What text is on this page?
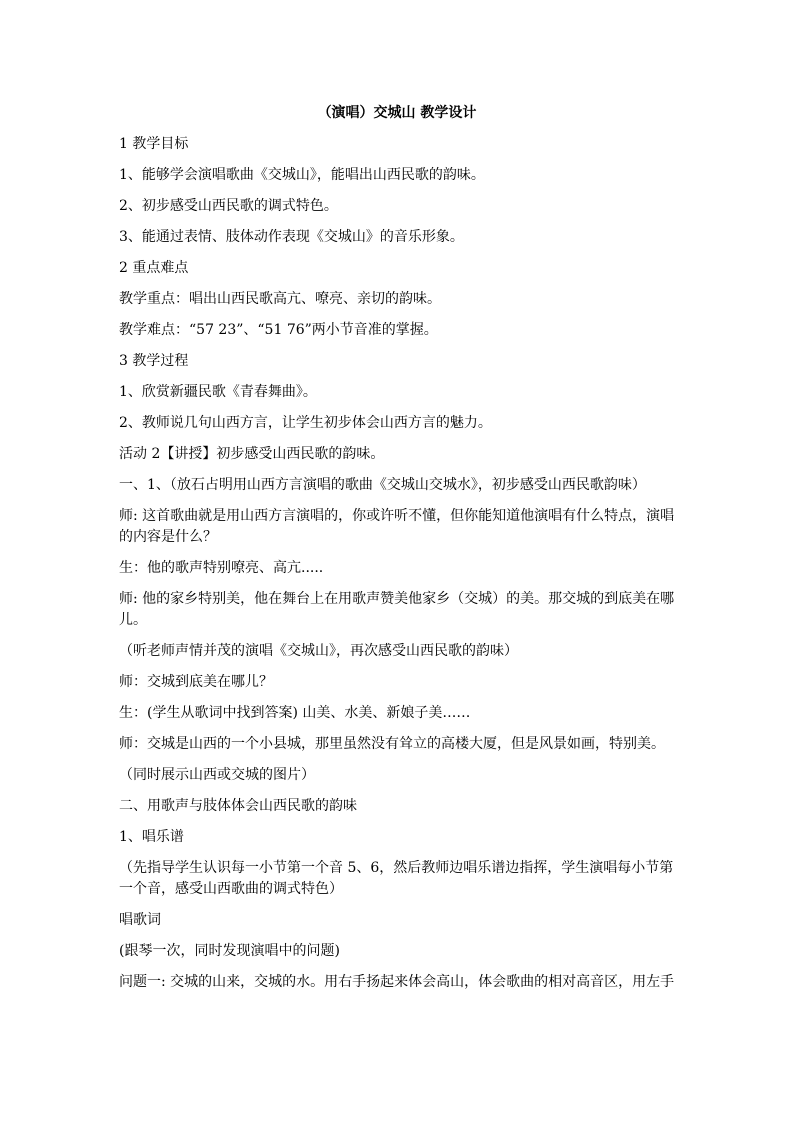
（演唱）交城山 教学设计
1 教学目标
1、能够学会演唱歌曲《交城山》，能唱出山西民歌的韵味。
2、初步感受山西民歌的调式特色。
3、能通过表情、肢体动作表现《交城山》的音乐形象。
2 重点难点
教学重点：唱出山西民歌高亢、嘹亮、亲切的韵味。
教学难点：“57 23”、“51 76”两小节音准的掌握。
3 教学过程
1、欣赏新疆民歌《青春舞曲》。
2、教师说几句山西方言，让学生初步体会山西方言的魅力。
活动 2【讲授】初步感受山西民歌的韵味。
一、1、（放石占明用山西方言演唱的歌曲《交城山交城水》，初步感受山西民歌韵味）
师: 这首歌曲就是用山西方言演唱的，你或许听不懂，但你能知道他演唱有什么特点，演唱的内容是什么？
生：他的歌声特别嘹亮、高亢.....
师: 他的家乡特别美，他在舞台上在用歌声赞美他家乡（交城）的美。那交城的到底美在哪儿。
（听老师声情并茂的演唱《交城山》，再次感受山西民歌的韵味）
师：交城到底美在哪儿？
生：(学生从歌词中找到答案) 山美、水美、新娘子美……
师：交城是山西的一个小县城，那里虽然没有耸立的高楼大厦，但是风景如画，特别美。
（同时展示山西或交城的图片）
二、用歌声与肢体体会山西民歌的韵味
1、唱乐谱
（先指导学生认识每一小节第一个音 5、6，然后教师边唱乐谱边指挥，学生演唱每小节第一个音，感受山西歌曲的调式特色）
唱歌词
(跟琴一次，同时发现演唱中的问题)
问题一: 交城的山来，交城的水。用右手扬起来体会高山，体会歌曲的相对高音区，用左手
